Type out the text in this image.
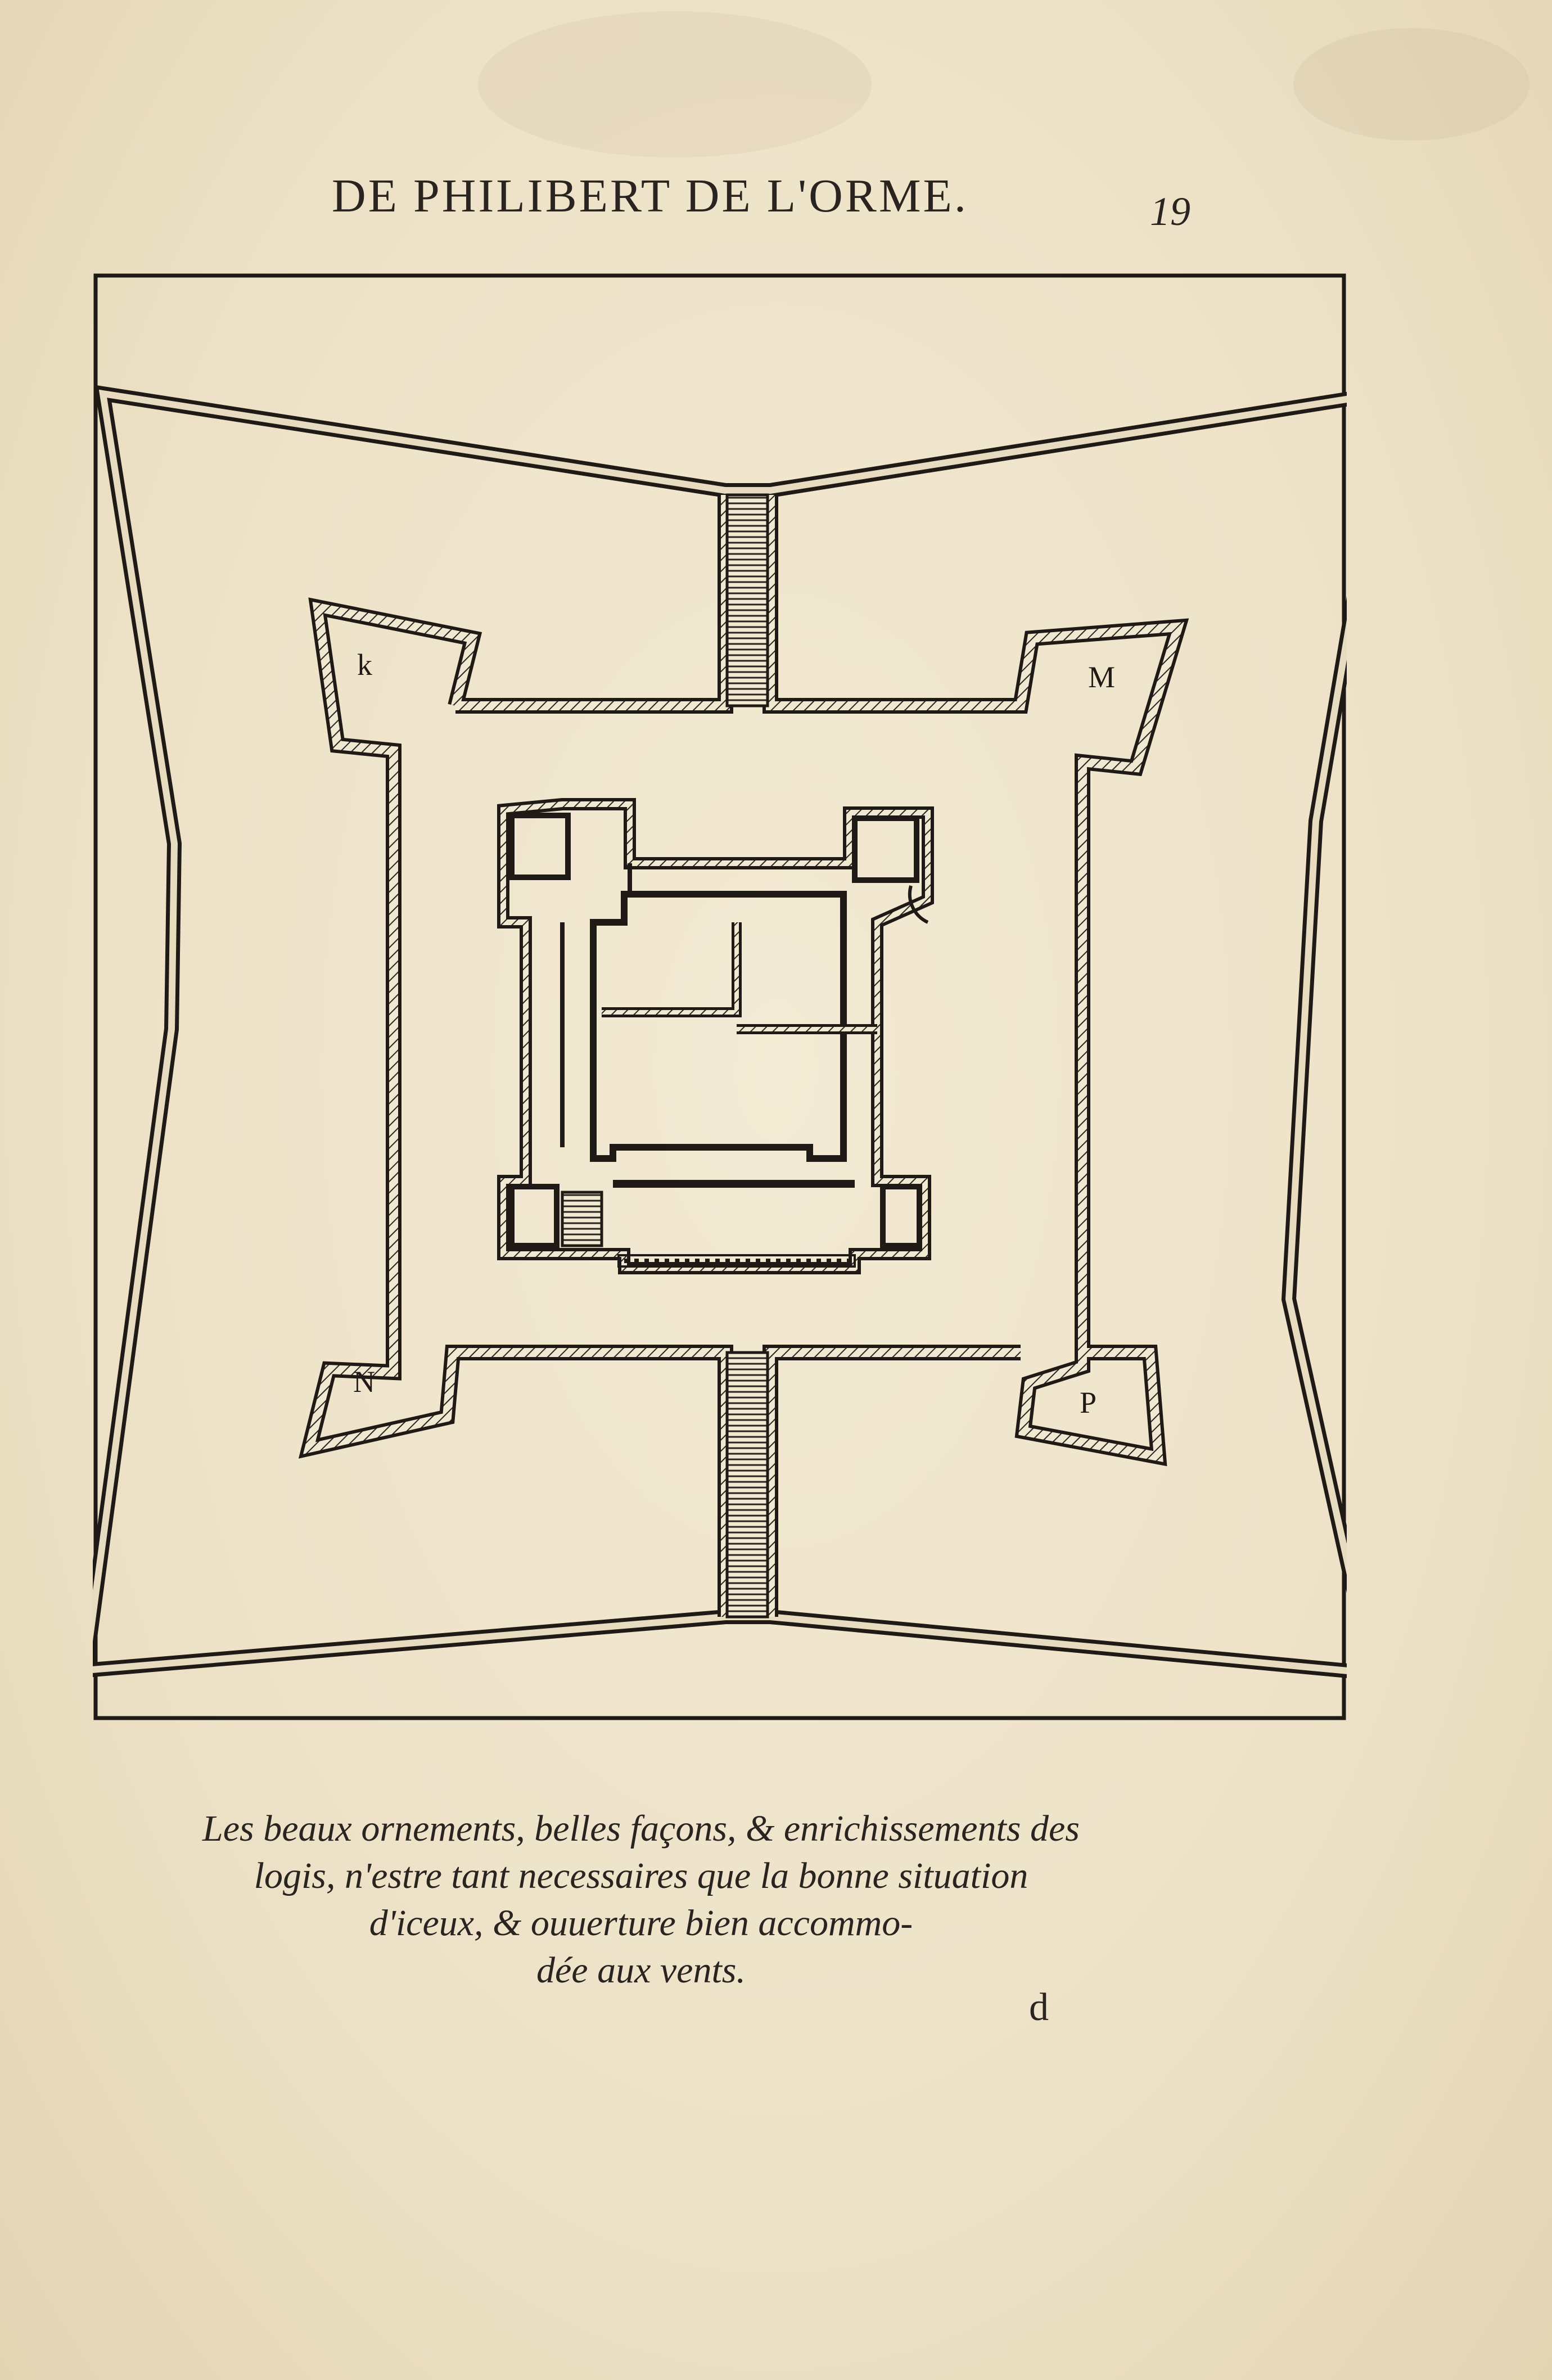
DE PHILIBERT DE L'ORME.	19
k	M
N
P
Les beaux ornements, belles façons, & enrichissements des
logis, n'estre tant necessaires que la bonne situation
d'iceux, & ouuerture bien accommo-
dée aux vents.
d
